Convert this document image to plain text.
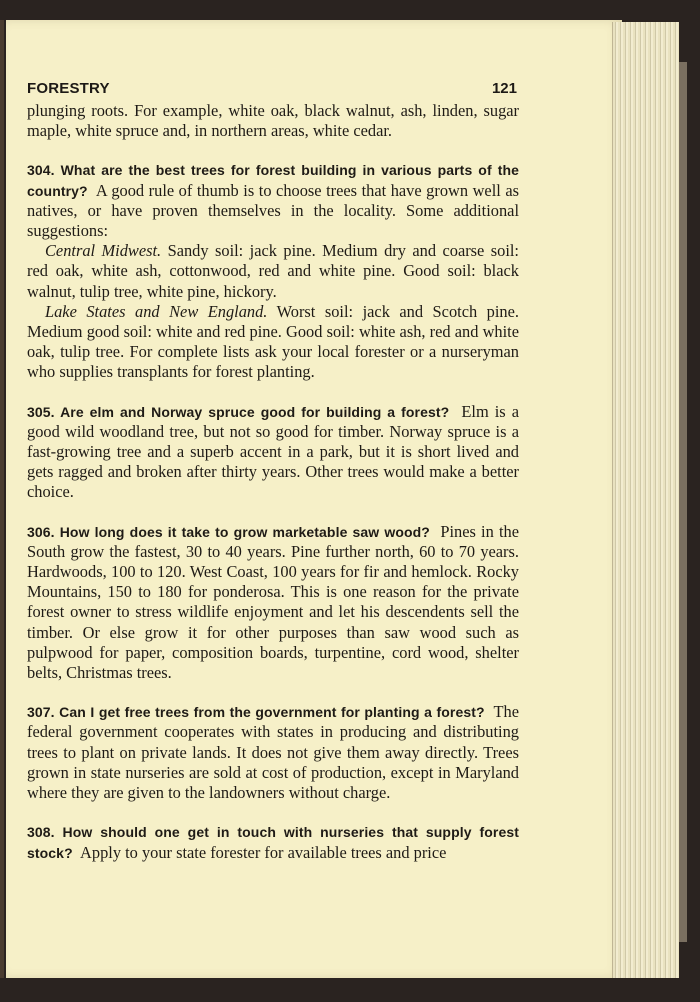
FORESTRY	121

plunging roots. For example, white oak, black walnut, ash, linden, sugar maple, white spruce and, in northern areas, white cedar.

304. What are the best trees for forest building in various parts of the country? A good rule of thumb is to choose trees that have grown well as natives, or have proven themselves in the locality. Some additional suggestions:

Central Midwest. Sandy soil: jack pine. Medium dry and coarse soil: red oak, white ash, cottonwood, red and white pine. Good soil: black walnut, tulip tree, white pine, hickory.

Lake States and New England. Worst soil: jack and Scotch pine. Medium good soil: white and red pine. Good soil: white ash, red and white oak, tulip tree. For complete lists ask your local forester or a nurseryman who supplies transplants for forest planting.

305. Are elm and Norway spruce good for building a forest? Elm is a good wild woodland tree, but not so good for timber. Norway spruce is a fast-growing tree and a superb accent in a park, but it is short lived and gets ragged and broken after thirty years. Other trees would make a better choice.

306. How long does it take to grow marketable saw wood? Pines in the South grow the fastest, 30 to 40 years. Pine further north, 60 to 70 years. Hardwoods, 100 to 120. West Coast, 100 years for fir and hemlock. Rocky Mountains, 150 to 180 for ponderosa. This is one reason for the private forest owner to stress wildlife enjoyment and let his descendents sell the timber. Or else grow it for other purposes than saw wood such as pulpwood for paper, composition boards, turpentine, cord wood, shelter belts, Christmas trees.

307. Can I get free trees from the government for planting a forest? The federal government cooperates with states in producing and distributing trees to plant on private lands. It does not give them away directly. Trees grown in state nurseries are sold at cost of production, except in Maryland where they are given to the landowners without charge.

308. How should one get in touch with nurseries that supply forest stock? Apply to your state forester for available trees and price
